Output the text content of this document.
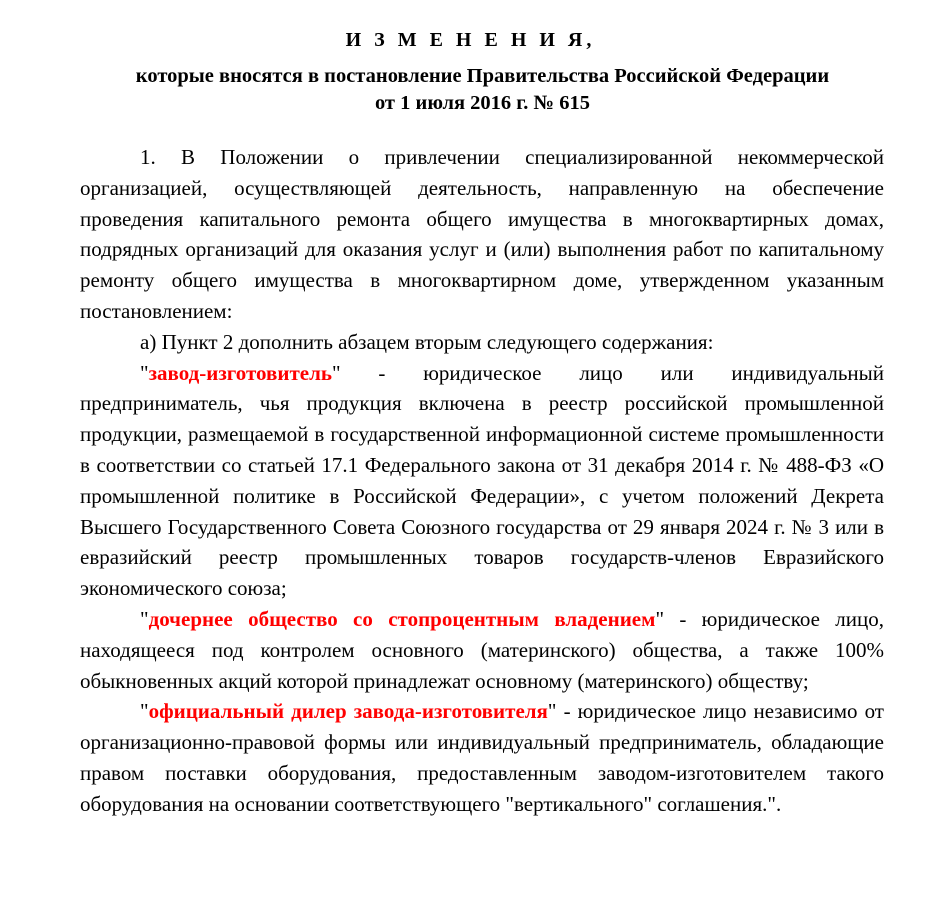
И З М Е Н Е Н И Я,
которые вносятся в постановление Правительства Российской Федерации
от 1 июля 2016 г. № 615

1. В Положении о привлечении специализированной некоммерческой организацией, осуществляющей деятельность, направленную на обеспечение проведения капитального ремонта общего имущества в многоквартирных домах, подрядных организаций для оказания услуг и (или) выполнения работ по капитальному ремонту общего имущества в многоквартирном доме, утвержденном указанным постановлением:

а) Пункт 2 дополнить абзацем вторым следующего содержания:

"завод-изготовитель" - юридическое лицо или индивидуальный предприниматель, чья продукция включена в реестр российской промышленной продукции, размещаемой в государственной информационной системе промышленности в соответствии со статьей 17.1 Федерального закона от 31 декабря 2014 г. № 488-ФЗ «О промышленной политике в Российской Федерации», с учетом положений Декрета Высшего Государственного Совета Союзного государства от 29 января 2024 г. № 3 или в евразийский реестр промышленных товаров государств-членов Евразийского экономического союза;

"дочернее общество со стопроцентным владением" - юридическое лицо, находящееся под контролем основного (материнского) общества, а также 100% обыкновенных акций которой принадлежат основному (материнского) обществу;

"официальный дилер завода-изготовителя" - юридическое лицо независимо от организационно-правовой формы или индивидуальный предприниматель, обладающие правом поставки оборудования, предоставленным заводом-изготовителем такого оборудования на основании соответствующего "вертикального" соглашения.".
